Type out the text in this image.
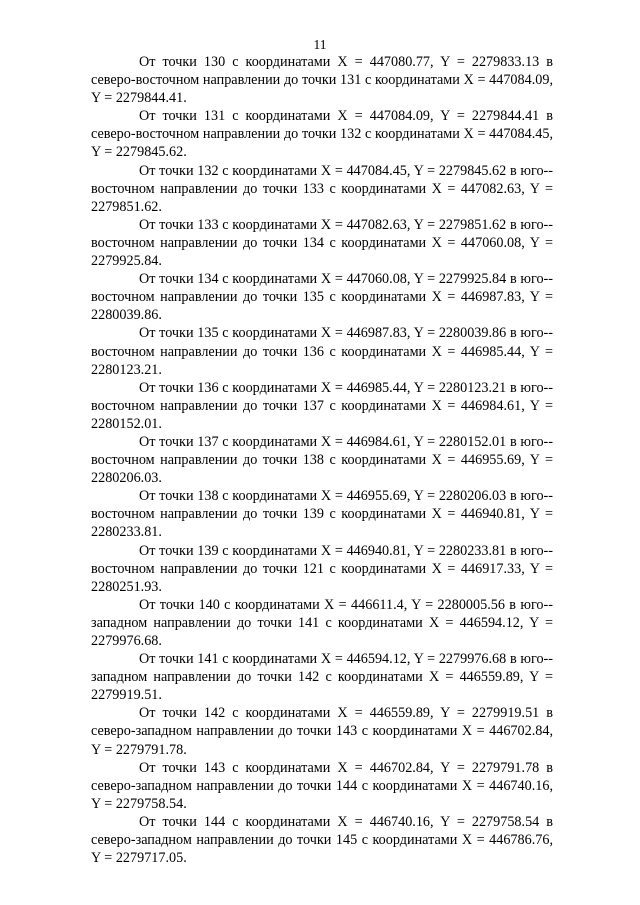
11

От точки 130 с координатами X = 447080.77, Y = 2279833.13 в северо-восточном направлении до точки 131 с координатами X = 447084.09, Y = 2279844.41.

От точки 131 с координатами X = 447084.09, Y = 2279844.41 в северо-восточном направлении до точки 132 с координатами X = 447084.45, Y = 2279845.62.

От точки 132 с координатами X = 447084.45, Y = 2279845.62 в юго-восточном направлении до точки 133 с координатами X = 447082.63, Y = 2279851.62.

От точки 133 с координатами X = 447082.63, Y = 2279851.62 в юго-восточном направлении до точки 134 с координатами X = 447060.08, Y = 2279925.84.

От точки 134 с координатами X = 447060.08, Y = 2279925.84 в юго-восточном направлении до точки 135 с координатами X = 446987.83, Y = 2280039.86.

От точки 135 с координатами X = 446987.83, Y = 2280039.86 в юго-восточном направлении до точки 136 с координатами X = 446985.44, Y = 2280123.21.

От точки 136 с координатами X = 446985.44, Y = 2280123.21 в юго-восточном направлении до точки 137 с координатами X = 446984.61, Y = 2280152.01.

От точки 137 с координатами X = 446984.61, Y = 2280152.01 в юго-восточном направлении до точки 138 с координатами X = 446955.69, Y = 2280206.03.

От точки 138 с координатами X = 446955.69, Y = 2280206.03 в юго-восточном направлении до точки 139 с координатами X = 446940.81, Y = 2280233.81.

От точки 139 с координатами X = 446940.81, Y = 2280233.81 в юго-восточном направлении до точки 121 с координатами X = 446917.33, Y = 2280251.93.

От точки 140 с координатами X = 446611.4, Y = 2280005.56 в юго-западном направлении до точки 141 с координатами X = 446594.12, Y = 2279976.68.

От точки 141 с координатами X = 446594.12, Y = 2279976.68 в юго-западном направлении до точки 142 с координатами X = 446559.89, Y = 2279919.51.

От точки 142 с координатами X = 446559.89, Y = 2279919.51 в северо-западном направлении до точки 143 с координатами X = 446702.84, Y = 2279791.78.

От точки 143 с координатами X = 446702.84, Y = 2279791.78 в северо-западном направлении до точки 144 с координатами X = 446740.16, Y = 2279758.54.

От точки 144 с координатами X = 446740.16, Y = 2279758.54 в северо-западном направлении до точки 145 с координатами X = 446786.76, Y = 2279717.05.
